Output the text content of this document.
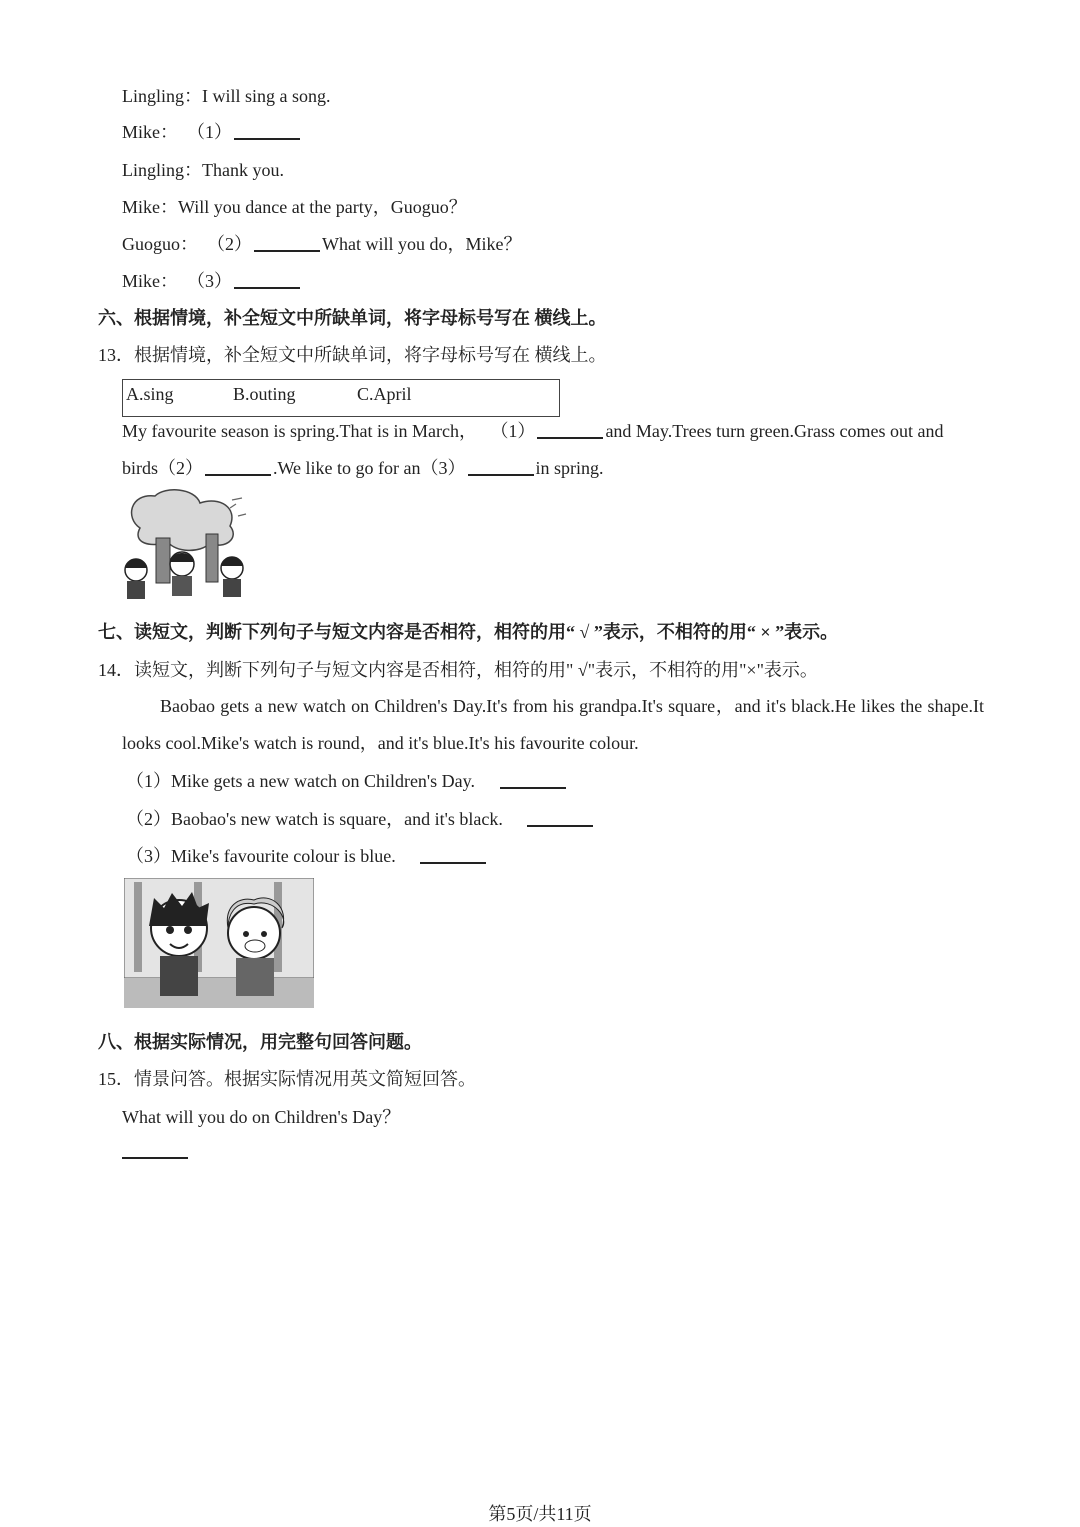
Lingling：I will sing a song.
Mike： （1）
Lingling：Thank you.
Mike：Will you dance at the party，Guoguo？
Guoguo： （2）	What will you do，Mike？
Mike： （3）
六、根据情境，补全短文中所缺单词，将字母标号写在 横线上。
13．根据情境，补全短文中所缺单词，将字母标号写在 横线上。
A.sing	B.outing	C.April
My favourite season is spring.That is in March， （1）	and May.Trees turn green.Grass comes out and
birds（2）	.We like to go for an（3）	in spring.
七、读短文，判断下列句子与短文内容是否相符，相符的用“ √ ”表示，不相符的用“ × ”表示。
14．读短文，判断下列句子与短文内容是否相符，相符的用" √"表示，不相符的用"×"表示。
Baobao gets a new watch on Children's Day.It's from his grandpa.It's square，and it's black.He likes the shape.It looks cool.Mike's watch is round，and it's blue.It's his favourite colour.
（1）Mike gets a new watch on Children's Day.
（2）Baobao's new watch is square，and it's black.
（3）Mike's favourite colour is blue.
八、根据实际情况，用完整句回答问题。
15．情景问答。根据实际情况用英文简短回答。
What will you do on Children's Day？
第5页/共11页
